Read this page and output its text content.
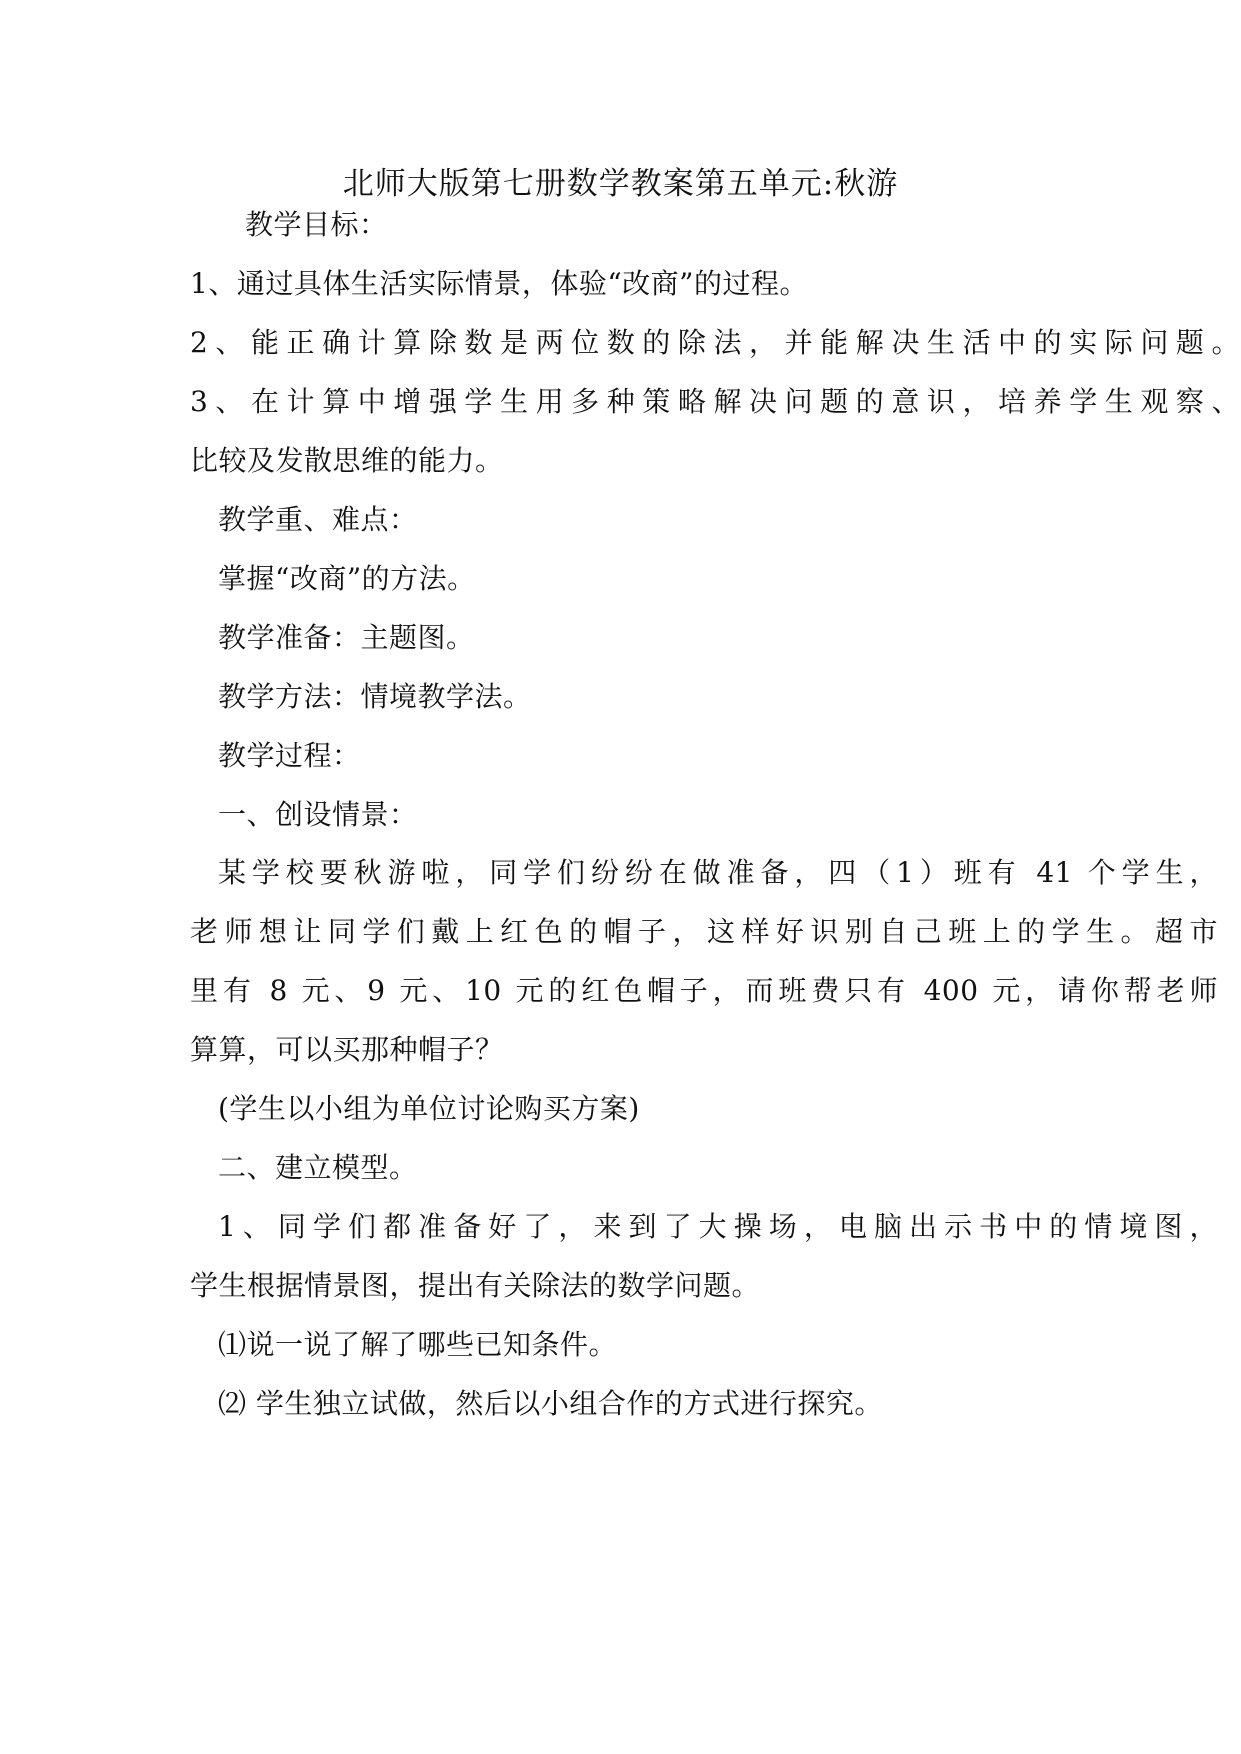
北师大版第七册数学教案第五单元:秋游
教学目标：
1、通过具体生活实际情景，体验“改商”的过程。
2、能正确计算除数是两位数的除法，并能解决生活中的实际问题。
3、在计算中增强学生用多种策略解决问题的意识，培养学生观察、
比较及发散思维的能力。
教学重、难点：
掌握“改商”的方法。
教学准备：主题图。
教学方法：情境教学法。
教学过程：
一、创设情景：
某学校要秋游啦，同学们纷纷在做准备，四（1）班有 41 个学生，
老师想让同学们戴上红色的帽子，这样好识别自己班上的学生。超市
里有 8 元、9 元、10 元的红色帽子，而班费只有 400 元，请你帮老师
算算，可以买那种帽子？
(学生以小组为单位讨论购买方案)
二、建立模型。
1、同学们都准备好了，来到了大操场，电脑出示书中的情境图，
学生根据情景图，提出有关除法的数学问题。
⑴说一说了解了哪些已知条件。
⑵ 学生独立试做，然后以小组合作的方式进行探究。
